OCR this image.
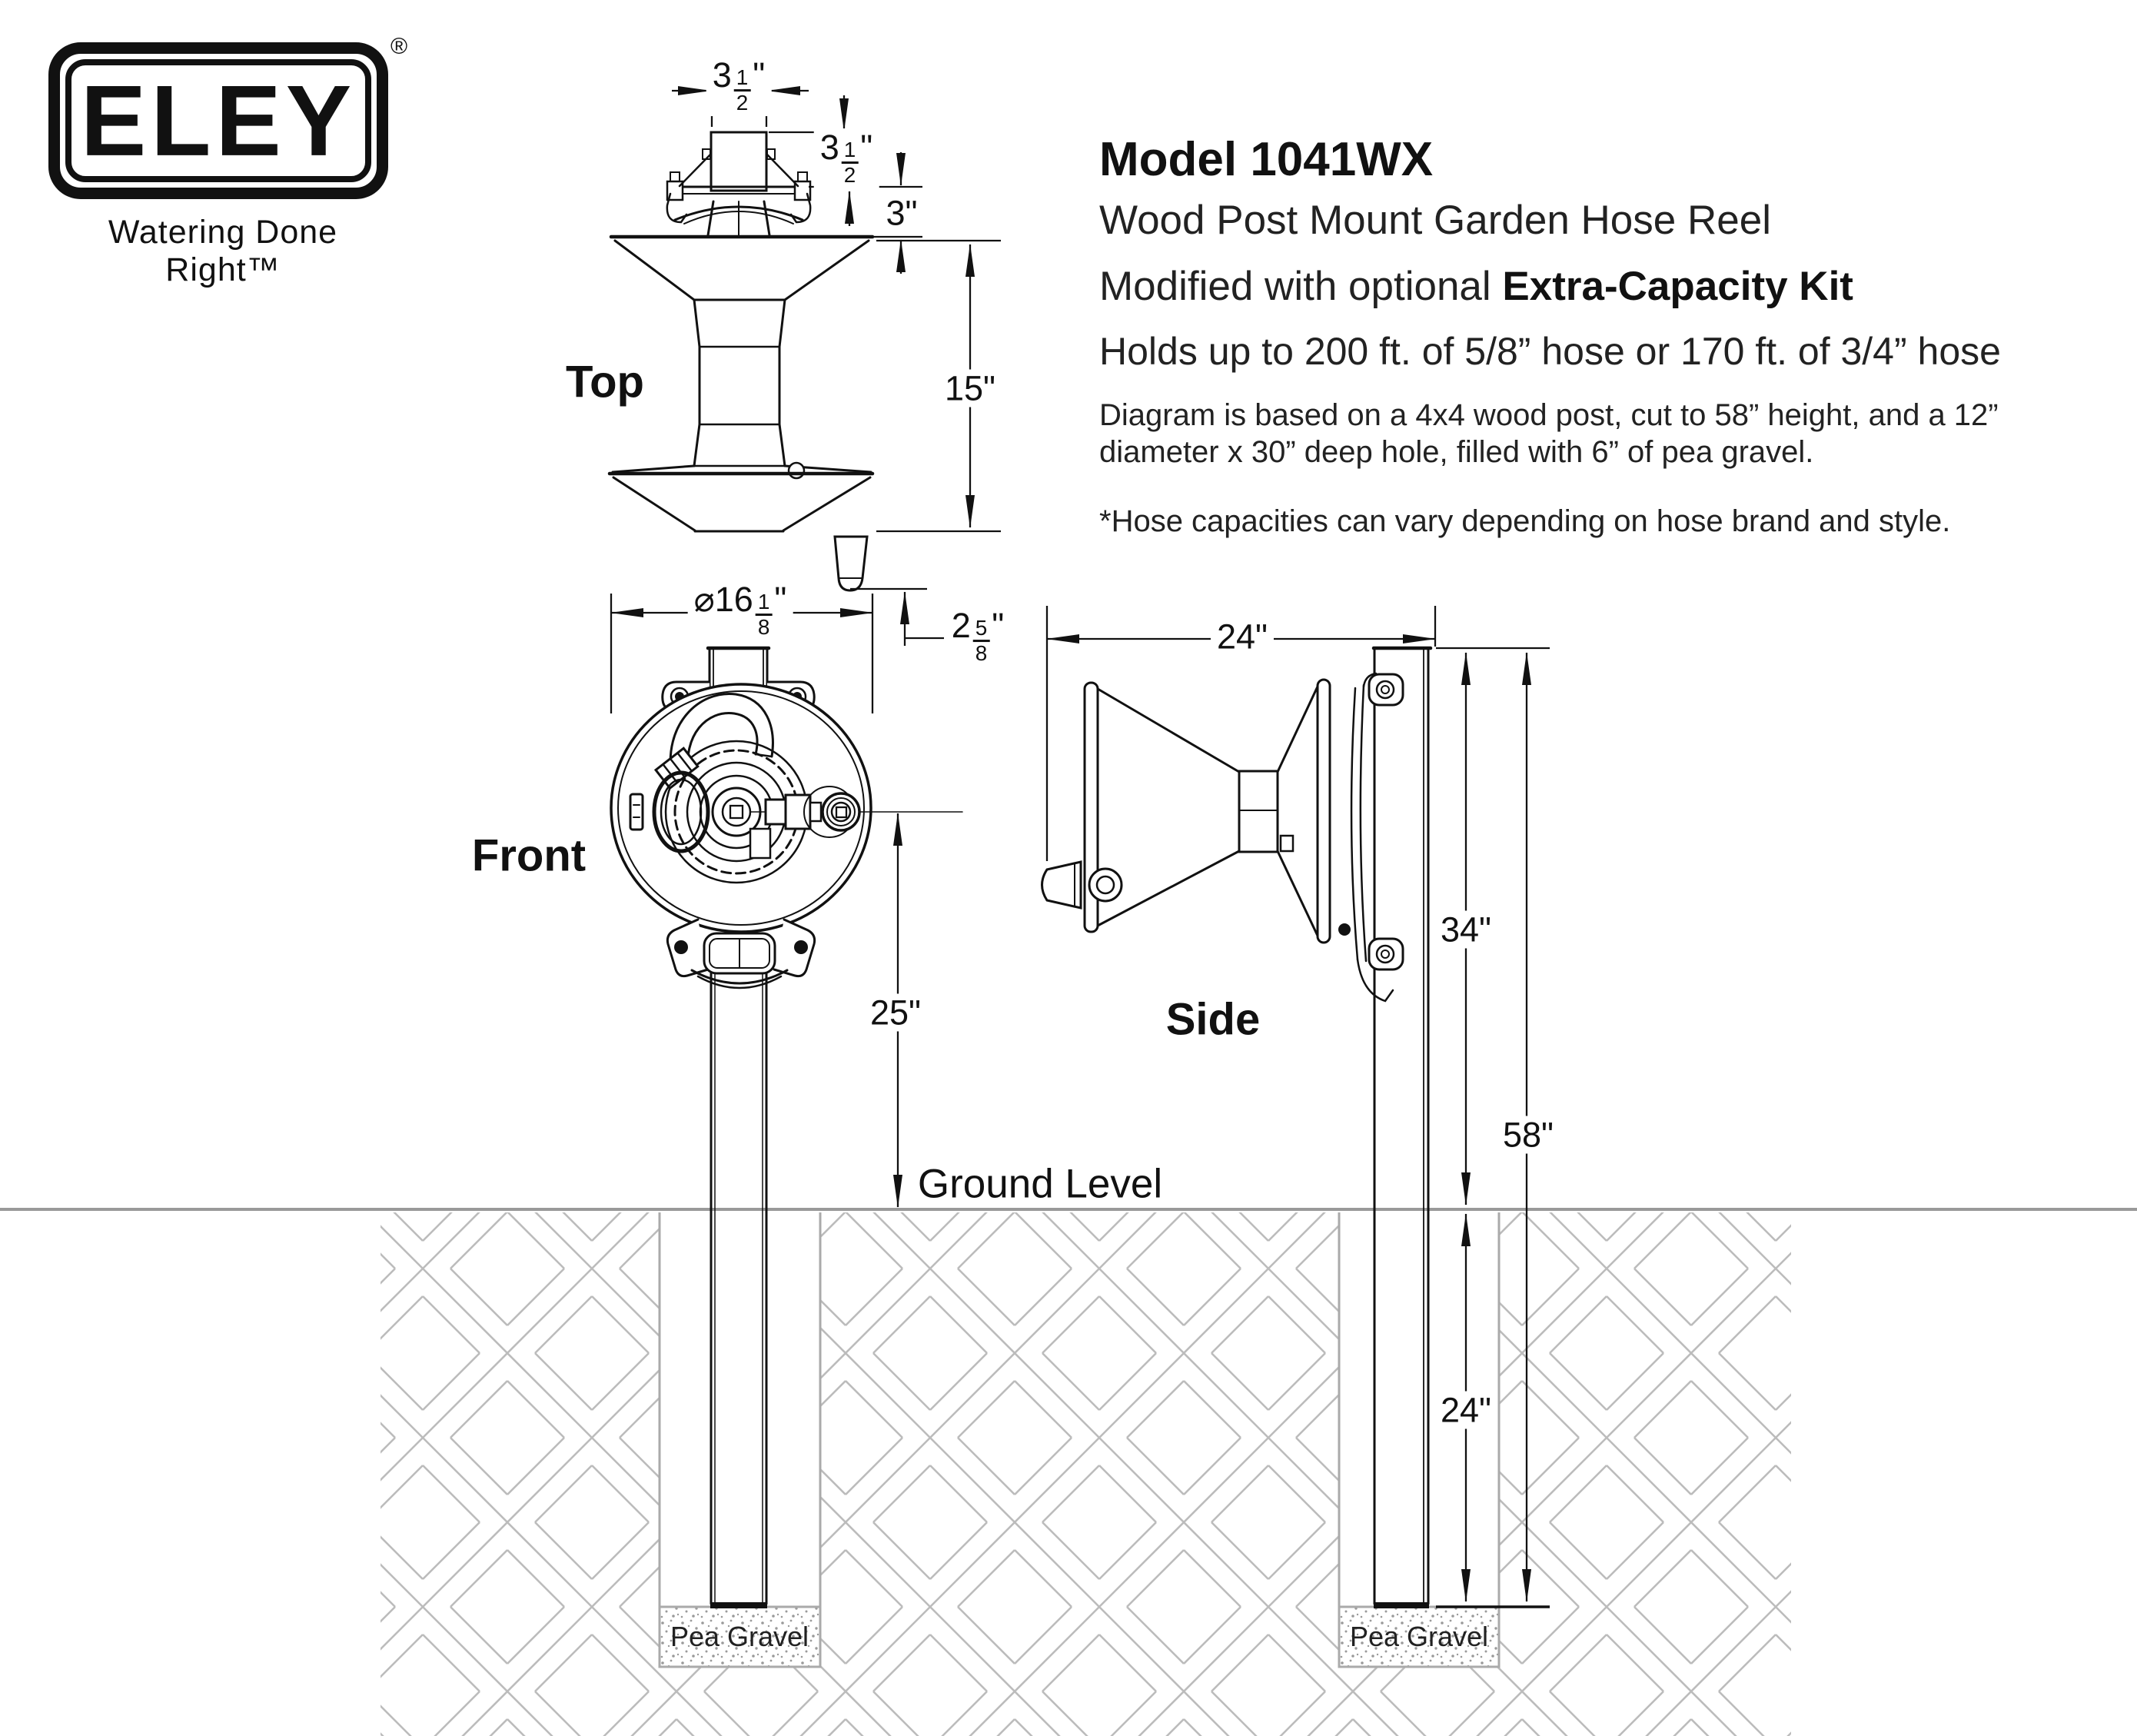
ELEY
®
Watering Done Right™
Model 1041WX
Wood Post Mount Garden Hose Reel
Modified with optional Extra-Capacity Kit
Holds up to 200 ft. of 5/8” hose or 170 ft. of 3/4” hose
Diagram is based on a 4x4 wood post, cut to 58” height, and a 12”
diameter x 30” deep hole, filled with 6” of pea gravel.
*Hose capacities can vary depending on hose brand and style.
Top
Front
Side
Ground Level
Pea Gravel	Pea Gravel
$3 \frac{1}{2}$ "
$3 \frac{1}{2}$ "
3"
15"
$2 \frac{5}{8}$ "
⌀16 $\frac{1}{8}$ "
25"
24"
34"
58"
24"
